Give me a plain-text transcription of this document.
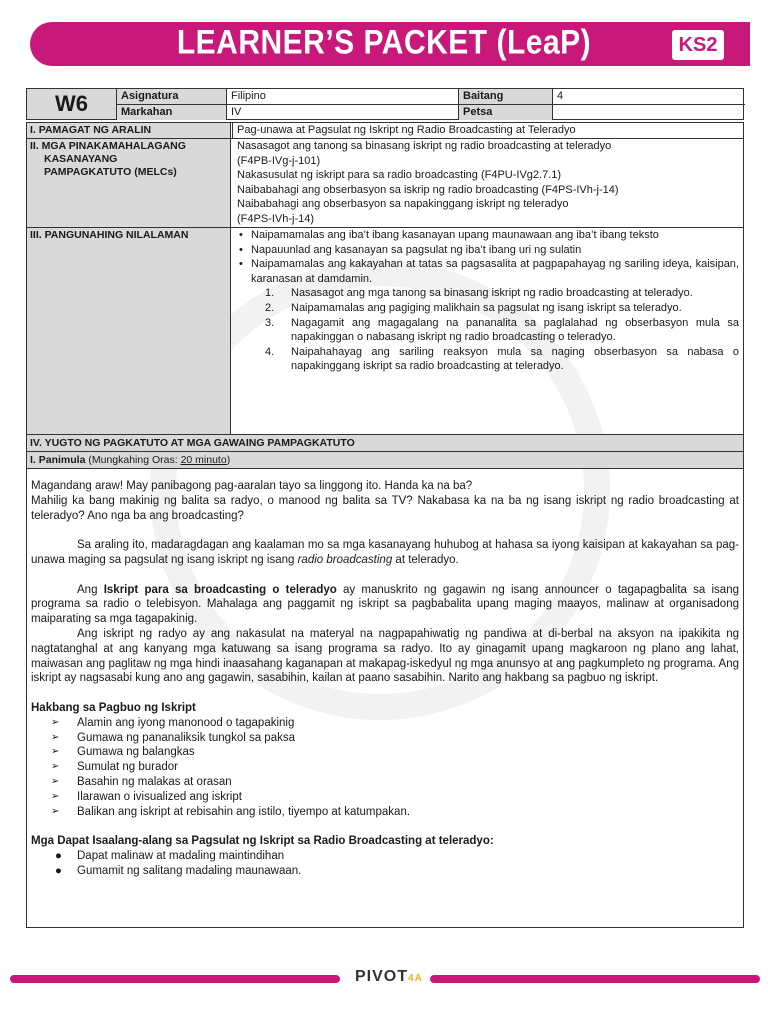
LEARNER’S PACKET (LeaP)	KS2
W6	Asignatura	Filipino	Baitang	4
Markahan	IV	Petsa
I. PAMAGAT NG ARALIN	Pag-unawa at Pagsulat ng Iskript ng Radio Broadcasting at Teleradyo
II. MGA PINAKAMAHALAGANG
KASANAYANG
PAMPAGKATUTO (MELCs)
Nasasagot ang tanong sa binasang iskript ng radio broadcasting at teleradyo
(F4PB-IVg-j-101)
Nakasusulat ng iskript para sa radio broadcasting (F4PU-IVg2.7.1)
Naibabahagi ang obserbasyon sa iskrip ng radio broadcasting (F4PS-IVh-j-14)
Naibabahagi ang obserbasyon sa napakinggang iskript ng teleradyo
(F4PS-IVh-j-14)
III. PANGUNAHING NILALAMAN	• Naipamamalas ang iba’t ibang kasanayan upang maunawaan ang iba’t ibang teksto
• Napauunlad ang kasanayan sa pagsulat ng iba’t ibang uri ng sulatin
• Naipamamalas ang kakayahan at tatas sa pagsasalita at pagpapahayag ng sariling ideya, kaisipan, karanasan at damdamin.
1. Nasasagot ang mga tanong sa binasang iskript ng radio broadcasting at teleradyo.
2. Naipamamalas ang pagiging malikhain sa pagsulat ng isang iskript sa teleradyo.
3. Nagagamit ang magagalang na pananalita sa paglalahad ng obserbasyon mula sa napakinggan o nabasang iskript ng radio broadcasting o teleradyo.
4. Naipahahayag ang sariling reaksyon mula sa naging obserbasyon sa nabasa o napakinggang iskript sa radio broadcasting at teleradyo.
IV. YUGTO NG PAGKATUTO AT MGA GAWAING PAMPAGKATUTO
I. Panimula (Mungkahing Oras: 20 minuto)

Magandang araw! May panibagong pag-aaralan tayo sa linggong ito. Handa ka na ba?

Mahilig ka bang makinig ng balita sa radyo, o manood ng balita sa TV? Nakabasa ka na ba ng isang iskript ng radio broadcasting at teleradyo? Ano nga ba ang broadcasting?

Sa araling ito, madaragdagan ang kaalaman mo sa mga kasanayang huhubog at hahasa sa iyong kaisipan at kakayahan sa pag-unawa maging sa pagsulat ng isang iskript ng isang radio broadcasting at teleradyo.

Ang Iskript para sa broadcasting o teleradyo ay manuskrito ng gagawin ng isang announcer o tagapagbalita sa isang programa sa radio o telebisyon. Mahalaga ang paggamit ng iskript sa pagbabalita upang maging maayos, malinaw at organisadong maiparating sa mga tagapakinig.

Ang iskript ng radyo ay ang nakasulat na materyal na nagpapahiwatig ng pandiwa at di-berbal na aksyon na ipakikita ng nagtatanghal at ang kanyang mga katuwang sa isang programa sa radyo. Ito ay ginagamit upang magkaroon ng plano ang lahat, maiwasan ang paglitaw ng mga hindi inaasahang kaganapan at makapag-iskedyul ng mga anunsyo at ang pagkumpleto ng programa. Ang iskript ay nagsasabi kung ano ang gagawin, sasabihin, kailan at paano sasabihin. Narito ang hakbang sa pagbuo ng iskript.

Hakbang sa Pagbuo ng Iskript

➢ Alamin ang iyong manonood o tagapakinig
➢ Gumawa ng pananaliksik tungkol sa paksa
➢ Gumawa ng balangkas
➢ Sumulat ng burador
➢ Basahin ng malakas at orasan
➢ Ilarawan o ivisualized ang iskript
➢ Balikan ang iskript at rebisahin ang istilo, tiyempo at katumpakan.

Mga Dapat Isaalang-alang sa Pagsulat ng Iskript sa Radio Broadcasting at teleradyo:

● Dapat malinaw at madaling maintindihan
● Gumamit ng salitang madaling maunawaan.
PIVOT4A
